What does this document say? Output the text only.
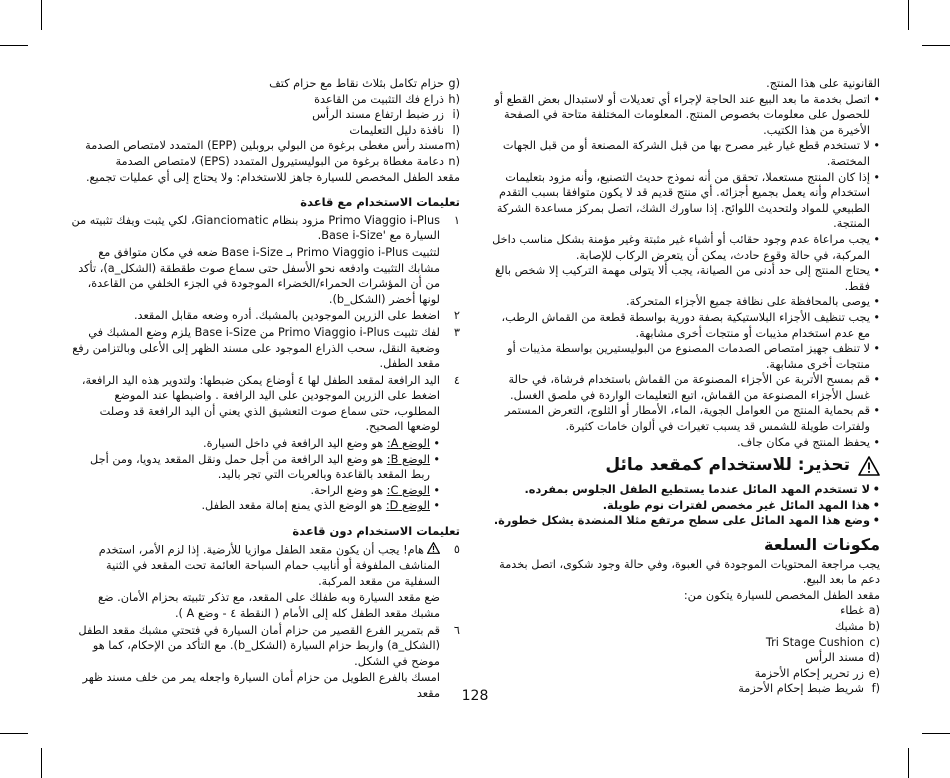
القانونية على هذا المنتج.

• اتصل بخدمة ما بعد البيع عند الحاجة لإجراء أي تعديلات أو لاستبدال بعض القطع أو للحصول على معلومات بخصوص المنتج. المعلومات المختلفة متاحة في الصفحة الأخيرة من هذا الكتيب.
• لا تستخدم قطع غيار غير مصرح بها من قبل الشركة المصنعة أو من قبل الجهات المختصة.
• إذا كان المنتج مستعملا، تحقق من أنه نموذج حديث التصنيع، وأنه مزود بتعليمات استخدام وأنه يعمل بجميع أجزائه. أي منتج قديم قد لا يكون متوافقا بسبب التقدم الطبيعي للمواد ولتحديث اللوائح. إذا ساورك الشك، اتصل بمركز مساعدة الشركة المنتجة.
• يجب مراعاة عدم وجود حقائب أو أشياء غير مثبتة وغير مؤمنة بشكل مناسب داخل المركبة، في حالة وقوع حادث، يمكن أن يتعرض الركاب للإصابة.
• يحتاج المنتج إلى حد أدنى من الصيانة، يجب ألا يتولى مهمة التركيب إلا شخص بالغ فقط.
• يوصى بالمحافظة على نظافة جميع الأجزاء المتحركة.
• يجب تنظيف الأجزاء البلاستيكية بصفة دورية بواسطة قطعة من القماش الرطب، مع عدم استخدام مذيبات أو منتجات أخرى مشابهة.
• لا تنظف جهيز امتصاص الصدمات المصنوع من البوليستيرين بواسطة مذيبات أو منتجات أخرى مشابهة.
• قم بمسح الأتربة عن الأجزاء المصنوعة من القماش باستخدام فرشاة، في حالة غسل الأجزاء المصنوعة من القماش، اتبع التعليمات الواردة في ملصق الغسل.
• قم بحماية المنتج من العوامل الجوية، الماء، الأمطار أو الثلوج، التعرض المستمر ولفترات طويلة للشمس قد يسبب تغيرات في ألوان خامات كثيرة.
• يحفظ المنتج في مكان جاف.
تحذير: للاستخدام كمقعد مائل
• لا تستخدم المهد المائل عندما يستطيع الطفل الجلوس بمفرده.
• هذا المهد المائل غير مخصص لفترات نوم طويلة.
• وضع هذا المهد المائل على سطح مرتفع مثلا المنضدة يشكل خطورة.
مكونات السلعة

يجب مراجعة المحتويات الموجودة في العبوة، وفي حالة وجود شكوى، اتصل بخدمة دعم ما بعد البيع.

مقعد الطفل المخصص للسيارة يتكون من:

a)
غطاء
b)
مشبك
c)
Tri Stage Cushion
d)
مسند الرأس
e)
زر تحرير إحكام الأحزمة
f)
شريط ضبط إحكام الأحزمة
g)
حزام تكامل بثلاث نقاط مع حزام كتف
h)
ذراع فك التثبيت من القاعدة
i)
زر ضبط ارتفاع مسند الرأس
l)
نافذة دليل التعليمات
m)
مسند رأس مغطى برغوة من البولي بروبلين (EPP) المتمدد لامتصاص الصدمة
n)
دعامة مغطاة برغوة من البوليستيرول المتمدد (EPS) لامتصاص الصدمة

مقعد الطفل المخصص للسيارة جاهز للاستخدام: ولا يحتاج إلى أي عمليات تجميع.

تعليمات الاستخدام مع قاعدة
١
Primo Viaggio i-Plus مزود بنظام Gianciomatic، لكي يثبت ويفك تثبيته من السيارة مع 'Base i-Size.
لتثبيت Primo Viaggio i-Plus بـ Base i-Size ضعه في مكان متوافق مع مشابك التثبيت وادفعه نحو الأسفل حتى سماع صوت طقطقة (الشكل_a)، تأكد من أن المؤشرات الحمراء/الخضراء الموجودة في الجزء الخلفي من القاعدة، لونها أخضر (الشكل_b).
٢
اضغط على الزرين الموجودين بالمشبك. أدره وضعه مقابل المقعد.
٣
لفك تثبيت Primo Viaggio i-Plus من Base i-Size يلزم وضع المشبك في وضعية النقل، سحب الذراع الموجود على مسند الظهر إلى الأعلى وبالتزامن رفع مقعد الطفل.
٤
اليد الرافعة لمقعد الطفل لها ٤ أوضاع يمكن ضبطها: ولتدوير هذه اليد الرافعة، اضغط على الزرين الموجودين على اليد الرافعة . واضبطها عند الموضع المطلوب، حتى سماع صوت التعشيق الذي يعني أن اليد الرافعة قد وصلت لوضعها الصحيح.
• الوضع A: هو وضع اليد الرافعة في داخل السيارة.
• الوضع B: هو وضع اليد الرافعة من أجل حمل ونقل المقعد يدويا، ومن أجل ربط المقعد بالقاعدة وبالعربات التي تجر باليد.
• الوضع C: هو وضع الراحة.
• الوضع D: هو الوضع الذي يمنع إمالة مقعد الطفل.
تعليمات الاستخدام دون قاعدة
٥
هام! يجب أن يكون مقعد الطفل موازيا للأرضية. إذا لزم الأمر، استخدم المناشف الملفوفة أو أنابيب حمام السباحة العائمة تحت المقعد في الثنية السفلية من مقعد المركبة.
ضع مقعد السيارة وبه طفلك على المقعد، مع تذكر تثبيته بحزام الأمان. ضع مشبك مقعد الطفل كله إلى الأمام ( النقطة ٤ - وضع A ).
٦
قم بتمرير الفرع القصير من حزام أمان السيارة في فتحتي مشبك مقعد الطفل (الشكل_a) واربط حزام السيارة (الشكل_b). مع التأكد من الإحكام، كما هو موضح في الشكل.
امسك بالفرع الطويل من حزام أمان السيارة واجعله يمر من خلف مسند ظهر مقعد	128
